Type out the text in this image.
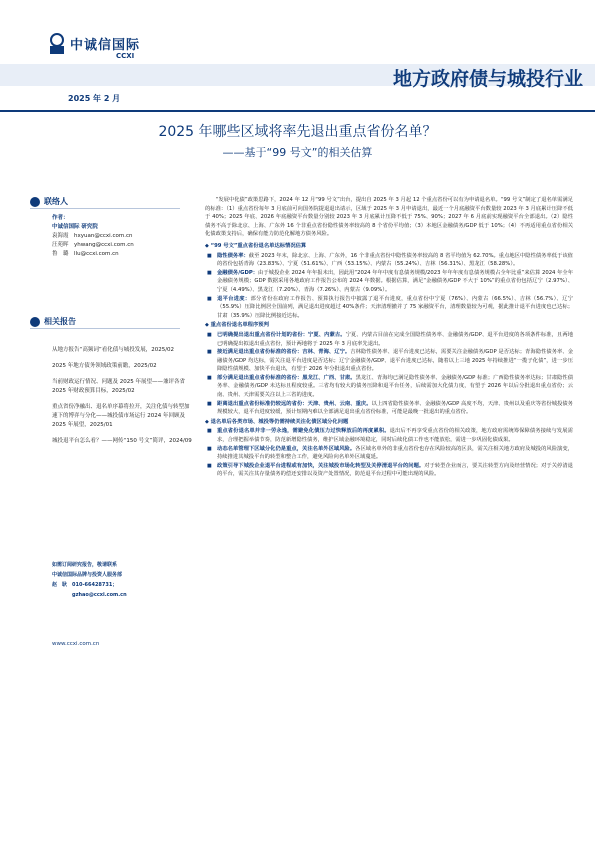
中诚信国际
CCXI
地方政府债与城投行业
2025 年 2 月
2025 年哪些区域将率先退出重点省份名单？
——基于“99 号文”的相关估算
联络人
作者：
中诚信国际 研究院
袁海霞　 hxyuan@ccxi.com.cn
汪苑晖　 yhwang@ccxi.com.cn
鲁　璐　 llu@ccxi.com.cn
相关报告
从地方报告“高频词”看化债与城投发展，2025/02
2025 年地方债务领域政策前瞻，2025/02
当前财政运行情况、问题及 2025 年展望——兼评各省 2025 年财政预算目标，2025/02
重点省份净融出、退名单序幕将拉开，关注化债与转型加速下的博弈与分化——城投债市场运行 2024 年回顾及 2025 年展望，2025/01
城投退平台怎么看？——网传“150 号文”简评，2024/09
如需订阅研究报告，敬请联系
中诚信国际品牌与投资人服务部
赵　耿　010-66428731；
gzhao@ccxi.com.cn
www.ccxi.com.cn

“发展中化债”政策思路下，2024 年 12 月“99 号文”出台，提出自 2025 年 3 月起 12 个重点省份可以有为申请退名单。“99 号文”制定了退名单需满足的标准：（1）重点省份每年 3 月底前可向国务院提退退出请示，区域于 2025 年 3 月申请退出，最近一个月底融资平台数量较 2023 年 3 月底累计压降不低于 40%；2025 年底、2026 年底融资平台数量分别较 2023 年 3 月底累计压降不低于 75%、90%；2027 年 6 月底前实现融资平台全部退出。（2）隐性债务不高于除北京、上海、广东外 16 个非重点省份隐性债务率较高的 8 个省份平均值；（3）本地区金融债务/GDP 低于 10%；（4）不再适用重点省份相关化债政策支持后，确保有能力防范化解地方债务风险。

◆ “99 号文”重点省份退名单达标情况估算
■ 隐性债务率：截至 2023 年末，除北京、上海、广东外，16 个非重点省份中隐性债务率较高的 8 省平均值为 62.70%。重点地区中隐性债务率低于该值的省份包括青海（23.83%）、宁夏（51.61%）、广西（53.15%）、内蒙古（55.24%）、吉林（56.31%）、黑龙江（58.28%）。
■ 金融债务/GDP：由于城投企业 2024 年年报未出，因此用“2024 年年中度有息债务规模/2023 年年年度有息债务规模占全年比重”来估算 2024 年全年金融债务规模；GDP 数据采用各地政府工作报告公布的 2024 年数据。根据估算，满足“金融债务/GDP 不大于 10%”的重点省份包括辽宁（2.97%）、宁夏（4.49%）、黑龙江（7.20%）、青海（7.26%）、内蒙古（9.09%）。
■ 退平台进度：部分省份在政府工作报告、预算执行报告中披露了退平台进度，重点省份中宁夏（76%）、内蒙古（66.5%）、吉林（56.7%）、辽宁（55.9%）压降比例居全国前列，满足退出进度超过 40%条件；天津清理撤并了 75 家融资平台，清理数量较为可观，据此推计退平台进度也已达标；甘肃（35.9%）压降比例接近达标。
◆ 重点省份退名单程序预判
■ 已明确提出退出重点省份计划的省份：宁夏、内蒙古。宁夏、内蒙古目前在完成全国隐性债务率、金融债务/GDP、退平台进度的各项条件标准，且两地已明确提出拟退出重点省份，预计两地将于 2025 年 3 月底率先退出。
■ 接近满足退出重点省份标准的省份：吉林、青海、辽宁。吉林隐性债务率、退平台进度已达标，需要关注金融债务/GDP 是否达标；青海隐性债务率、金融债务/GDP 均达标，需关注退平台进度是否达标；辽宁金融债务/GDP、退平台进度已达标，随着以上三地 2025 年持续推进“一揽子化债”，进一步压降隐性债规模、加快平台退出，有望于 2026 年分批退出重点省份。
■ 部分满足退出重点省份标准的省份：黑龙江、广西、甘肃。黑龙江、青海均已满足隐性债务率、金融债务/GDP 标准；广西隐性债务率达标；甘肃隐性债务率、金融债务/GDP 未达标且程度较重。三省均有较大的债务压降和退平台任务，后续需加大化债力度，有望于 2026 年以后分批退出重点省份；云南、贵州、天津需要关注以上三省的进度。
■ 距离退出重点省份标准仍较远的省份：天津、贵州、云南、重庆。以上四省隐性债务率、金融债务/GDP 高度不均，天津、贵州以及重庆等省份城投债务规模较大，退平台进度较缓，预计短期内难以全部满足退出重点省份标准，可能是最晚一批退出的重点省份。
◆ 退名单后各类市场、城投等仍需持续关注化债区域分化问题
■ 重点省份退名单并非一劳永逸，需避免化债压力过快释放后的再度累积。退出后不再享受重点省份的相关政策，地方政府需统筹保障债务接续与发展需求，合理把握举债节奏，防范新增隐性债务，维护区域金融环境稳定，同时后续化债工作也不能放松，需进一步巩固化债成果。
■ 动态名单管理下区域分化仍是重点，关注名单外区域风险。各区域名单外的非重点省份也存在风险较高的区县，需关注相关地方政府及城投的风险演变，持续推进其城投平台的转型和整合工作，避免风险向名单外区域蔓延。
■ 政策引导下城投企业退平台进程或有加快，关注城投市场化转型及关停清退平台的问题。对于转型企业而言，要关注转型方向及经营情况；对于关停清退的平台，需关注其存量债务的偿还安排以及资产处置情况，防范退平台过程中可能出现的风险。
